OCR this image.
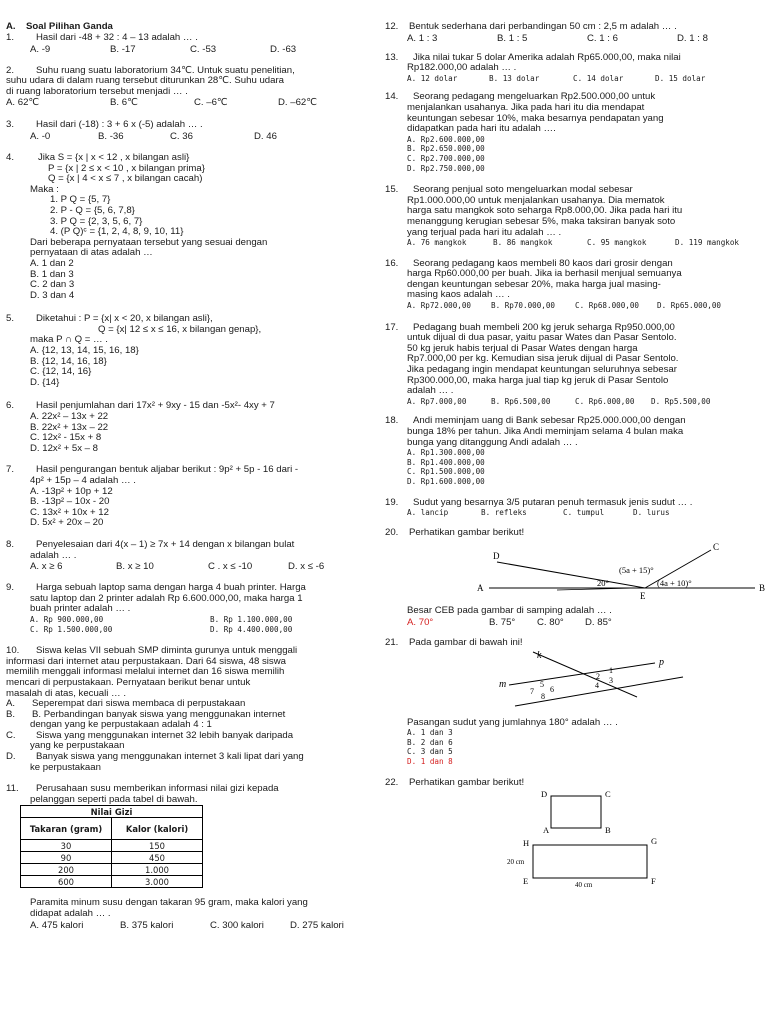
A. Soal Pilihan Ganda
1. Hasil dari -48 + 32 : 4 – 13 adalah … .
A. -9	B. -17	C. -53	D. -63
2. Suhu ruang suatu laboratorium 34℃. Untuk suatu penelitian,
suhu udara di dalam ruang tersebut diturunkan 28℃. Suhu udara
di ruang laboratorium tersebut menjadi … .
A. 62℃	B. 6℃	C. –6℃	D. –62℃
3. Hasil dari (-18) : 3 + 6 x (-5) adalah … .
A. -0	B. -36	C. 36	D. 46
4. Jika S = {x | x < 12 , x bilangan asli}
P = {x | 2 ≤ x < 10 , x bilangan prima}
Q = {x | 4 < x ≤ 7 , x bilangan cacah)
Maka :
1. P Q = {5, 7}
2. P - Q = {5, 6, 7,8}
3. P Q = {2, 3, 5, 6, 7}
4. (P Q)ᶜ = {1, 2, 4, 8, 9, 10, 11}
Dari beberapa pernyataan tersebut yang sesuai dengan
pernyataan di atas adalah …
A. 1 dan 2
B. 1 dan 3
C. 2 dan 3
D. 3 dan 4
5. Diketahui : P = {x| x < 20, x bilangan asli},
Q = {x| 12 ≤ x ≤ 16, x bilangan genap},
maka P ∩ Q = … .
A. {12, 13, 14, 15, 16, 18}
B. {12, 14, 16, 18}
C. {12, 14, 16}
D. {14}
6. Hasil penjumlahan dari 17x² + 9xy - 15 dan -5x²- 4xy + 7
A. 22x² – 13x + 22
B. 22x² + 13x – 22
C. 12x² - 15x + 8
D. 12x² + 5x – 8
7. Hasil pengurangan bentuk aljabar berikut : 9p² + 5p - 16 dari -
4p² + 15p – 4 adalah … .
A. -13p² + 10p + 12
B. -13p² – 10x - 20
C. 13x² + 10x + 12
D. 5x² + 20x – 20
8. Penyelesaian dari 4(x – 1) ≥ 7x + 14 dengan x bilangan bulat
adalah … .
A. x ≥ 6	B. x ≥ 10	C . x ≤ -10	D. x ≤ -6
9. Harga sebuah laptop sama dengan harga 4 buah printer. Harga
satu laptop dan 2 printer adalah Rp 6.600.000,00, maka harga 1
buah printer adalah … .
A. Rp 900.000,00	B. Rp 1.100.000,00
C. Rp 1.500.000,00	D. Rp 4.400.000,00
10. Siswa kelas VII sebuah SMP diminta gurunya untuk menggali
informasi dari internet atau perpustakaan. Dari 64 siswa, 48 siswa
memilih menggali informasi melalui internet dan 16 siswa memilih
mencari di perpustakaan. Pernyataan berikut benar untuk
masalah di atas, kecuali … .
A. Seperempat dari siswa membaca di perpustakaan
B. B. Perbandingan banyak siswa yang menggunakan internet
dengan yang ke perpustakaan adalah 4 : 1
C. Siswa yang menggunakan internet 32 lebih banyak daripada
yang ke perpustakaan
D. Banyak siswa yang menggunakan internet 3 kali lipat dari yang
ke perpustakaan
11. Perusahaan susu memberikan informasi nilai gizi kepada
pelanggan seperti pada tabel di bawah.
Nilai Gizi	
Takaran (gram)	Kalor (kalori)
30	150
90	450
200	1.000
600	3.000
Paramita minum susu dengan takaran 95 gram, maka kalori yang
didapat adalah … .
A. 475 kalori	B. 375 kalori	C. 300 kalori	D. 275 kalori
12. Bentuk sederhana dari perbandingan 50 cm : 2,5 m adalah … .
A. 1 : 3	B. 1 : 5	C. 1 : 6	D. 1 : 8
13. Jika nilai tukar 5 dolar Amerika adalah Rp65.000,00, maka nilai
Rp182.000,00 adalah … .
A. 12 dolar	B. 13 dolar	C. 14 dolar	D. 15 dolar
14. Seorang pedagang mengeluarkan Rp2.500.000,00 untuk
menjalankan usahanya. Jika pada hari itu dia mendapat
keuntungan sebesar 10%, maka besarnya pendapatan yang
didapatkan pada hari itu adalah ….
A. Rp2.600.000,00
B. Rp2.650.000,00
C. Rp2.700.000,00
D. Rp2.750.000,00
15. Seorang penjual soto mengeluarkan modal sebesar
Rp1.000.000,00 untuk menjalankan usahanya. Dia mematok
harga satu mangkok soto seharga Rp8.000,00. Jika pada hari itu
menanggung kerugian sebesar 5%, maka taksiran banyak soto
yang terjual pada hari itu adalah … .
A. 76 mangkok	B. 86 mangkok	C. 95 mangkok	D. 119 mangkok
16. Seorang pedagang kaos membeli 80 kaos dari grosir dengan
harga Rp60.000,00 per buah. Jika ia berhasil menjual semuanya
dengan keuntungan sebesar 20%, maka harga jual masing-
masing kaos adalah … .
A. Rp72.000,00	B. Rp70.000,00	C. Rp68.000,00	D. Rp65.000,00
17. Pedagang buah membeli 200 kg jeruk seharga Rp950.000,00
untuk dijual di dua pasar, yaitu pasar Wates dan Pasar Sentolo.
50 kg jeruk habis terjual di Pasar Wates dengan harga
Rp7.000,00 per kg. Kemudian sisa jeruk dijual di Pasar Sentolo.
Jika pedagang ingin mendapat keuntungan seluruhnya sebesar
Rp300.000,00, maka harga jual tiap kg jeruk di Pasar Sentolo
adalah … .
A. Rp7.000,00	B. Rp6.500,00	C. Rp6.000,00	D. Rp5.500,00
18. Andi meminjam uang di Bank sebesar Rp25.000.000,00 dengan
bunga 18% per tahun. Jika Andi meminjam selama 4 bulan maka
bunga yang ditanggung Andi adalah … .
A. Rp1.300.000,00
B. Rp1.400.000,00
C. Rp1.500.000,00
D. Rp1.600.000,00
19. Sudut yang besarnya 3/5 putaran penuh termasuk jenis sudut … .
A. lancip	B. refleks	C. tumpul	D. lurus
20. Perhatikan gambar berikut!
A	B
C
D
E
(5a + 15)°
20°	(4a + 10)°
Besar CEB pada gambar di samping adalah … .
A. 70°	B. 75°	C. 80°	D. 85°
21. Pada gambar di bawah ini!
k
p
m
1
2 3
4
5
6
7
8
Pasangan sudut yang jumlahnya 180° adalah … .
A. 1 dan 3
B. 2 dan 6
C. 3 dan 5
D. 1 dan 8
22. Perhatikan gambar berikut!
D	C
A	B
H	G
E	F
20 cm
40 cm
